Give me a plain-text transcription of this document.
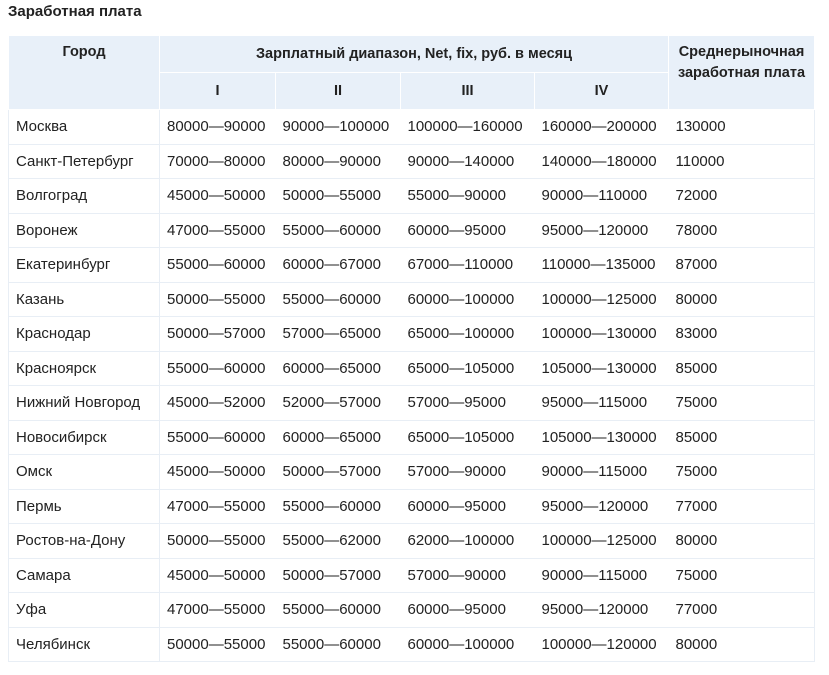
Заработная плата
Город	Зарплатный диапазон, Net, fix, руб. в месяц				Среднерыночная заработная плата
	I	II	III	IV	
Москва	80000—90000	90000—100000	100000—160000	160000—200000	130000
Санкт-Петербург	70000—80000	80000—90000	90000—140000	140000—180000	110000
Волгоград	45000—50000	50000—55000	55000—90000	90000—110000	72000
Воронеж	47000—55000	55000—60000	60000—95000	95000—120000	78000
Екатеринбург	55000—60000	60000—67000	67000—110000	110000—135000	87000
Казань	50000—55000	55000—60000	60000—100000	100000—125000	80000
Краснодар	50000—57000	57000—65000	65000—100000	100000—130000	83000
Красноярск	55000—60000	60000—65000	65000—105000	105000—130000	85000
Нижний Новгород	45000—52000	52000—57000	57000—95000	95000—115000	75000
Новосибирск	55000—60000	60000—65000	65000—105000	105000—130000	85000
Омск	45000—50000	50000—57000	57000—90000	90000—115000	75000
Пермь	47000—55000	55000—60000	60000—95000	95000—120000	77000
Ростов-на-Дону	50000—55000	55000—62000	62000—100000	100000—125000	80000
Самара	45000—50000	50000—57000	57000—90000	90000—115000	75000
Уфа	47000—55000	55000—60000	60000—95000	95000—120000	77000
Челябинск	50000—55000	55000—60000	60000—100000	100000—120000	80000
